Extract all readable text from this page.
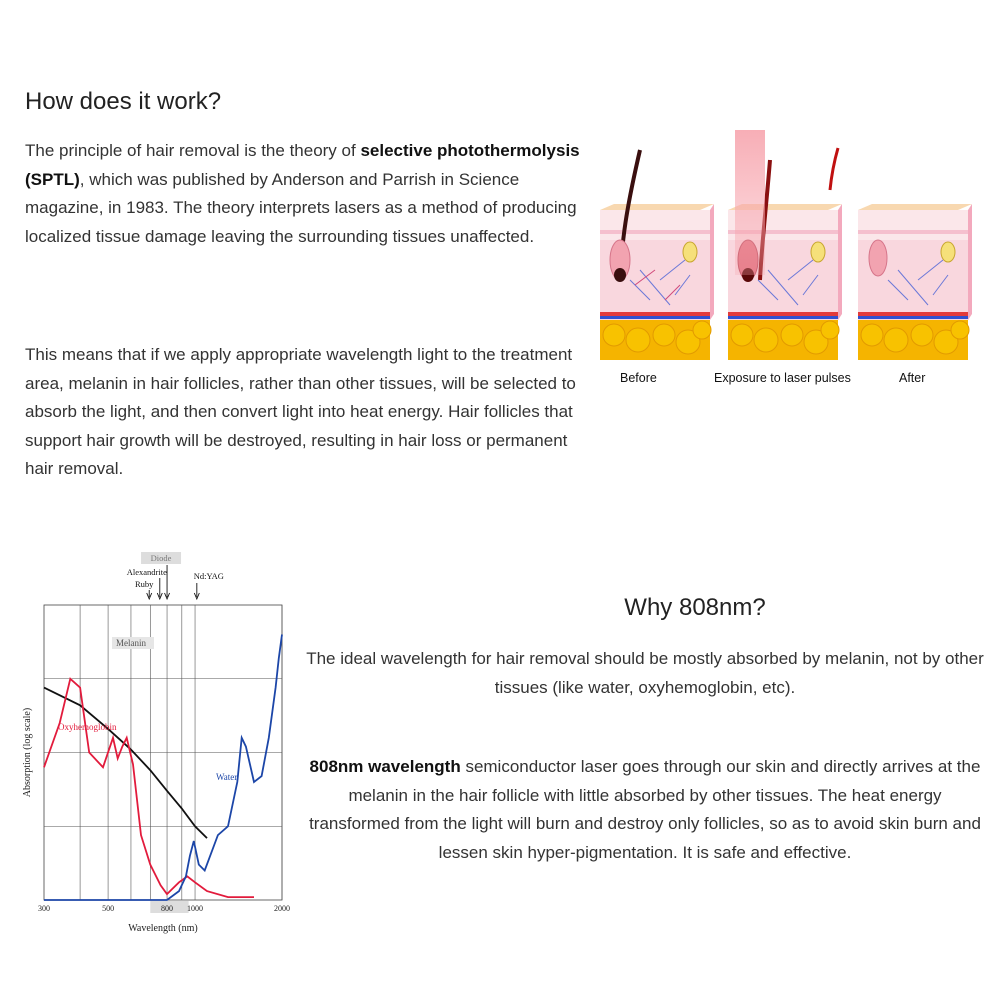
How does it work?
The principle of hair removal is the theory of selective photothermolysis (SPTL), which was published by Anderson and Parrish in Science magazine, in 1983. The theory interprets lasers as a method of producing localized tissue damage leaving the surrounding tissues unaffected.
This means that if we apply appropriate wavelength light to the treatment area, melanin in hair follicles, rather than other tissues, will be selected to absorb the light, and then convert light into heat energy. Hair follicles that support hair growth will be destroyed, resulting in hair loss or permanent hair removal.
Before	Exposure to laser pulses	After
Why 808nm?
The ideal wavelength for hair removal should be mostly absorbed by melanin, not by other tissues (like water, oxyhemoglobin, etc).
808nm wavelength semiconductor laser goes through our skin and directly arrives at the melanin in the hair follicle with little absorbed by other tissues. The heat energy transformed from the light will burn and destroy only follicles, so as to avoid skin burn and lessen skin hyper-pigmentation. It is safe and effective.
Oxyhemoglobin
Melanin
Water
300	500	800 1000	2000
Wavelength (nm)
Absorption (log scale)
Diode
Alexandrite
Ruby
Nd:YAG
